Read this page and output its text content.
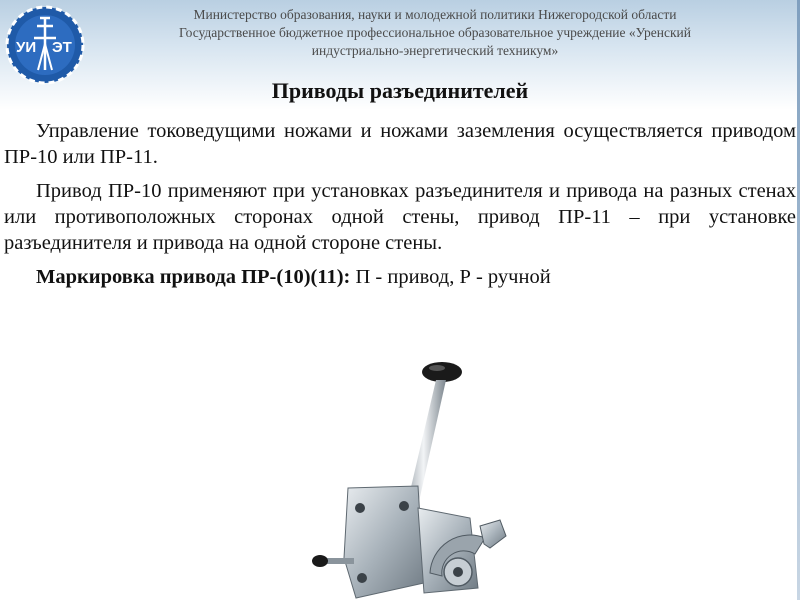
УИ ЭТ
Министерство образования, науки и молодежной политики Нижегородской области
Государственное бюджетное профессиональное образовательное учреждение «Уренский
индустриально-энергетический техникум»
Приводы разъединителей

Управление токоведущими ножами и ножами заземления осуществляется приводом ПР-10 или ПР-11.

Привод ПР-10 применяют при установках разъединителя и привода на разных стенах или противоположных сторонах одной стены, привод ПР-11 – при установке разъединителя и привода на одной стороне стены.

Маркировка привода ПР-(10)(11): П - привод, Р - ручной
